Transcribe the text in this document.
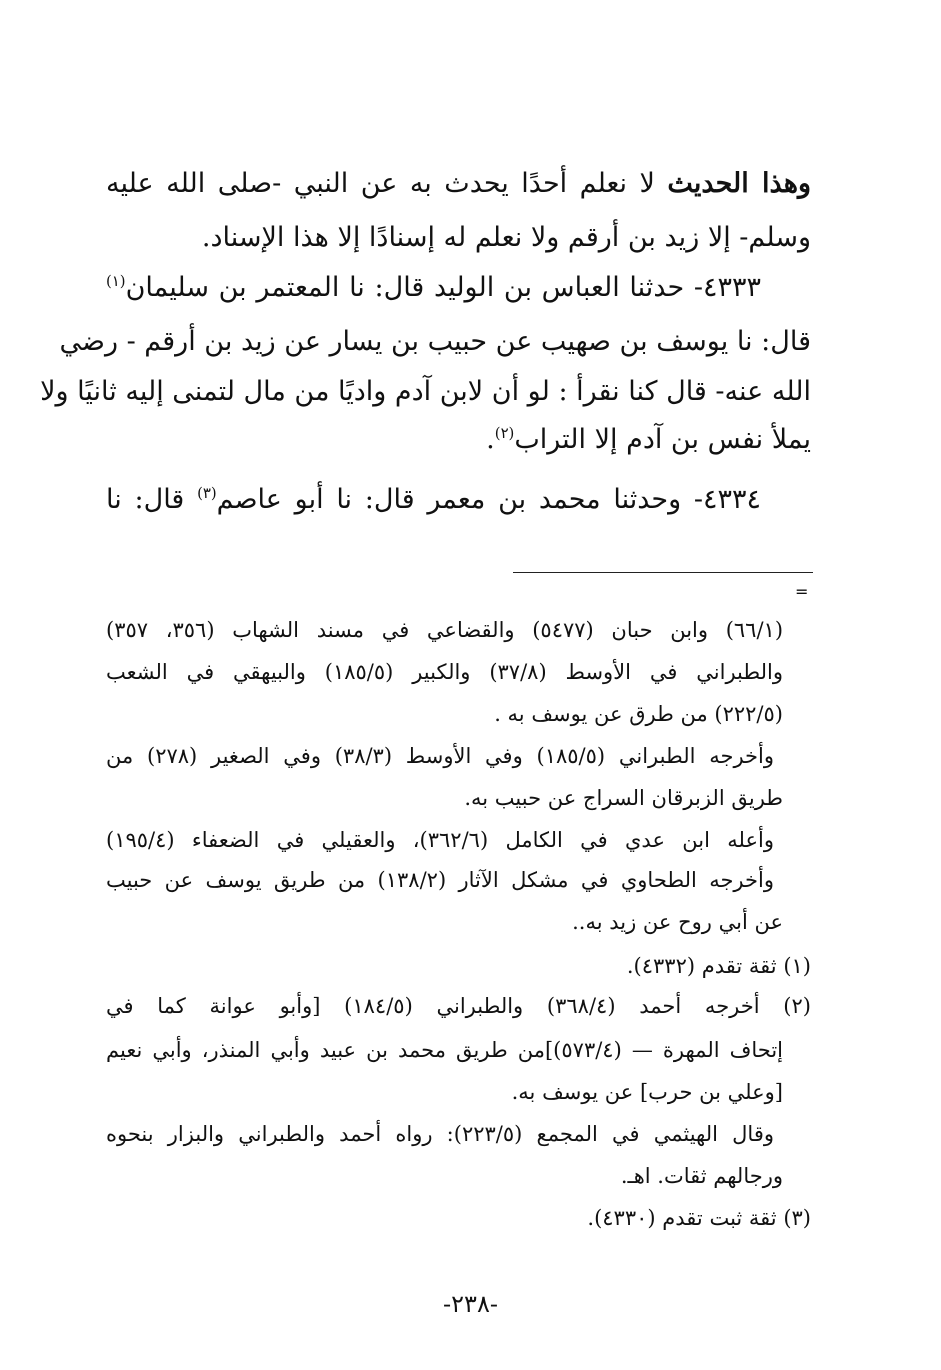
وهذا الحديث لا نعلم أحدًا يحدث به عن النبي -صلى الله عليه
وسلم- إلا زيد بن أرقم ولا نعلم له إسنادًا إلا هذا الإسناد.
٤٣٣٣- حدثنا العباس بن الوليد قال: نا المعتمر بن سليمان$^{(١)}$
قال: نا يوسف بن صهيب عن حبيب بن يسار عن زيد بن أرقم - رضي
الله عنه- قال كنا نقرأ : لو أن لابن آدم واديًا من مال لتمنى إليه ثانيًا ولا
يملأ نفس بن آدم إلا التراب$^{(٢)}$.
٤٣٣٤- وحدثنا محمد بن معمر قال: نا أبو عاصم$^{(٣)}$ قال: نا
=
(٦٦/١) وابن حبان (٥٤٧٧) والقضاعي في مسند الشهاب (٣٥٦، ٣٥٧)
والطبراني في الأوسط (٣٧/٨) والكبير (١٨٥/٥) والبيهقي في الشعب
(٢٢٢/٥) من طرق عن يوسف به .
وأخرجه الطبراني (١٨٥/٥) وفي الأوسط (٣٨/٣) وفي الصغير (٢٧٨) من
طريق الزبرقان السراج عن حبيب به.
وأعله ابن عدي في الكامل (٣٦٢/٦)، والعقيلي في الضعفاء (١٩٥/٤)
وأخرجه الطحاوي في مشكل الآثار (١٣٨/٢) من طريق يوسف عن حبيب
عن أبي روح عن زيد به..
(١) ثقة تقدم (٤٣٣٢).
(٢) أخرجه أحمد (٣٦٨/٤) والطبراني (١٨٤/٥) [وأبو عوانة كما في
إتحاف المهرة — (٥٧٣/٤)]من طريق محمد بن عبيد وأبي المنذر، وأبي نعيم
[وعلي بن حرب] عن يوسف به.
وقال الهيثمي في المجمع (٢٢٣/٥): رواه أحمد والطبراني والبزار بنحوه
ورجالهم ثقات. اهـ.
(٣) ثقة ثبت تقدم (٤٣٣٠).
-٢٣٨-
